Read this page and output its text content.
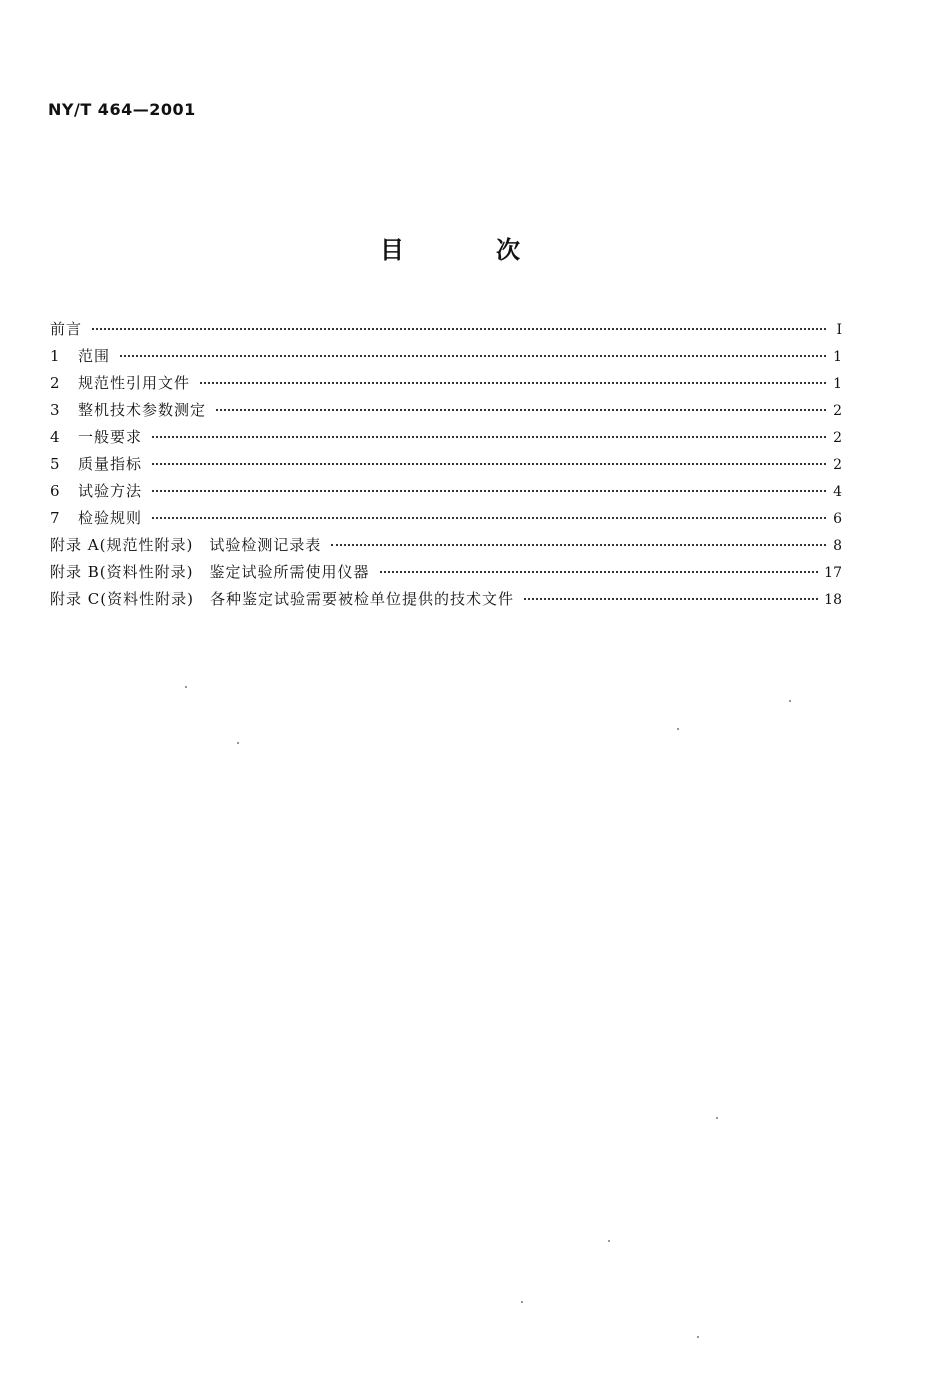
NY/T 464—2001
目	次
前言	I
1	范围	1
2	规范性引用文件	1
3	整机技术参数测定	2
4	一般要求	2
5	质量指标	2
6	试验方法	4
7	检验规则	6
附录 A(规范性附录) 试验检测记录表	8
附录 B(资料性附录) 鉴定试验所需使用仪器	17
附录 C(资料性附录) 各种鉴定试验需要被检单位提供的技术文件	18
